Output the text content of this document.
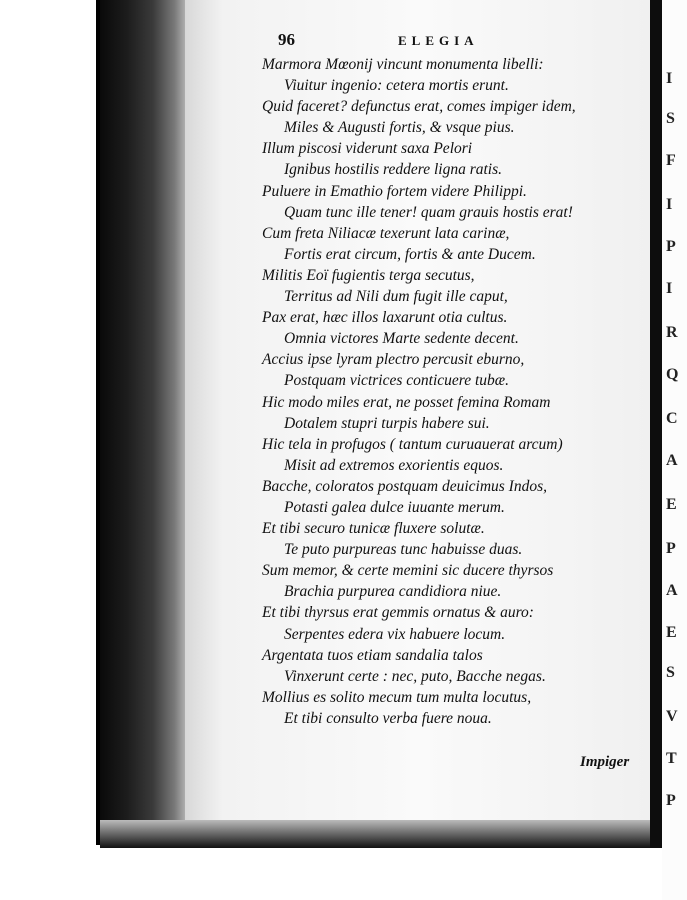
I
S
F
I
P
I
R
Q
C
A
E
P
A
E
S
V
T
P
96	ELEGIA
Marmora Mœonij vincunt monumenta libelli:
Viuitur ingenio: cetera mortis erunt.
Quid faceret? defunctus erat, comes impiger idem,
Miles & Augusti fortis, & vsque pius.
Illum piscosi viderunt saxa Pelori
Ignibus hostilis reddere ligna ratis.
Puluere in Emathio fortem videre Philippi.
Quam tunc ille tener! quam grauis hostis erat!
Cum freta Niliacæ texerunt lata carinæ,
Fortis erat circum, fortis & ante Ducem.
Militis Eoï fugientis terga secutus,
Territus ad Nili dum fugit ille caput,
Pax erat, hæc illos laxarunt otia cultus.
Omnia victores Marte sedente decent.
Accius ipse lyram plectro percusit eburno,
Postquam victrices conticuere tubæ.
Hic modo miles erat, ne posset femina Romam
Dotalem stupri turpis habere sui.
Hic tela in profugos ( tantum curuauerat arcum)
Misit ad extremos exorientis equos.
Bacche, coloratos postquam deuicimus Indos,
Potasti galea dulce iuuante merum.
Et tibi securo tunicæ fluxere solutæ.
Te puto purpureas tunc habuisse duas.
Sum memor, & certe memini sic ducere thyrsos
Brachia purpurea candidiora niue.
Et tibi thyrsus erat gemmis ornatus & auro:
Serpentes edera vix habuere locum.
Argentata tuos etiam sandalia talos
Vinxerunt certe : nec, puto, Bacche negas.
Mollius es solito mecum tum multa locutus,
Et tibi consulto verba fuere noua.
Impiger
